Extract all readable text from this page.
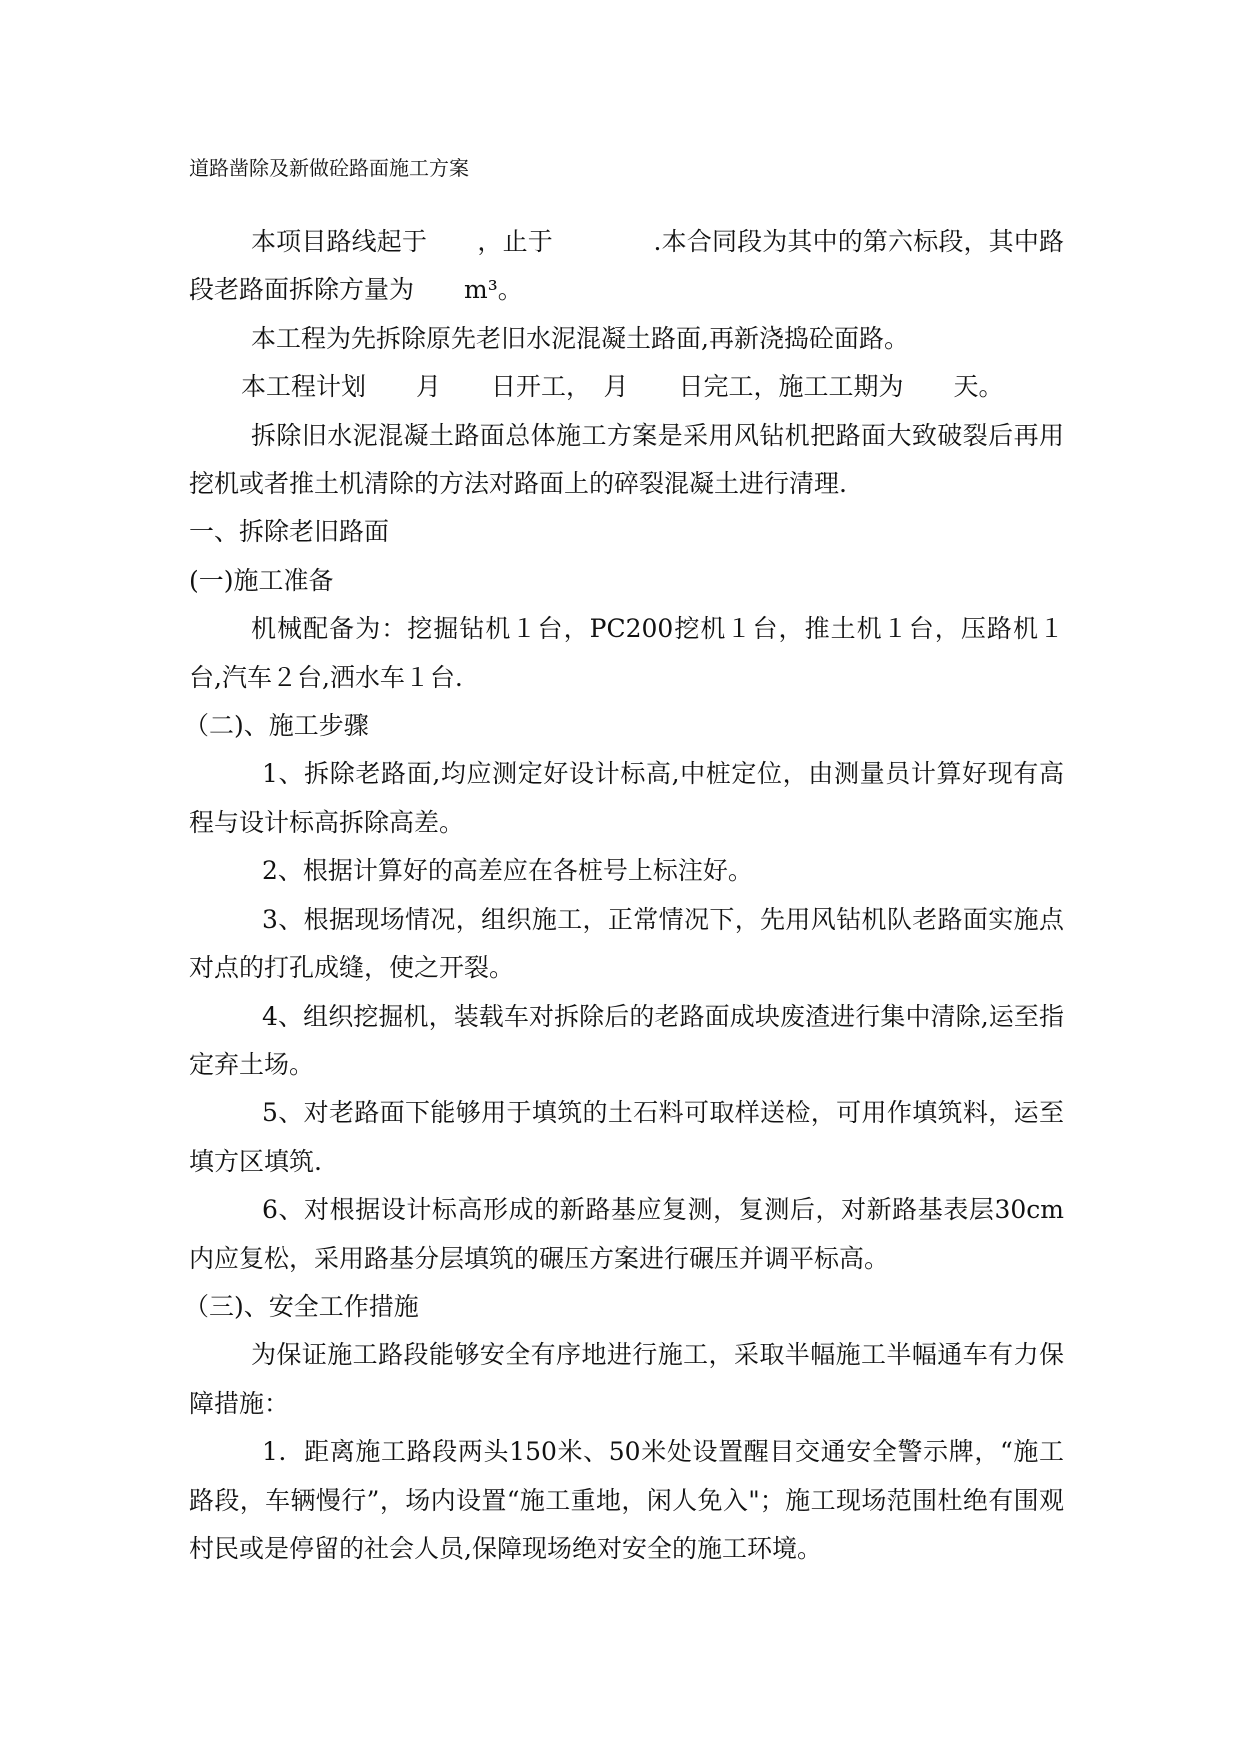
道路凿除及新做砼路面施工方案

本项目路线起于　　，止于　　　　.本合同段为其中的第六标段，其中路段老路面拆除方量为　　m³。

本工程为先拆除原先老旧水泥混凝土路面,再新浇捣砼面路。

本工程计划　　月　　日开工，　月　　日完工，施工工期为　　天。

拆除旧水泥混凝土路面总体施工方案是采用风钻机把路面大致破裂后再用挖机或者推土机清除的方法对路面上的碎裂混凝土进行清理.

一、拆除老旧路面

(一)施工准备

机械配备为：挖掘钻机１台，PC200挖机１台，推土机１台，压路机１台,汽车２台,洒水车１台.

（二)、施工步骤

1、拆除老路面,均应测定好设计标高,中桩定位，由测量员计算好现有高程与设计标高拆除高差。

2、根据计算好的高差应在各桩号上标注好。

3、根据现场情况，组织施工，正常情况下，先用风钻机队老路面实施点对点的打孔成缝，使之开裂。

4、组织挖掘机，装载车对拆除后的老路面成块废渣进行集中清除,运至指定弃土场。

5、对老路面下能够用于填筑的土石料可取样送检，可用作填筑料，运至填方区填筑.

6、对根据设计标高形成的新路基应复测，复测后，对新路基表层30cm内应复松，采用路基分层填筑的碾压方案进行碾压并调平标高。

（三)、安全工作措施

为保证施工路段能够安全有序地进行施工，采取半幅施工半幅通车有力保障措施：

1．距离施工路段两头150米、50米处设置醒目交通安全警示牌，“施工路段，车辆慢行”，场内设置“施工重地，闲人免入"；施工现场范围杜绝有围观村民或是停留的社会人员,保障现场绝对安全的施工环境。
